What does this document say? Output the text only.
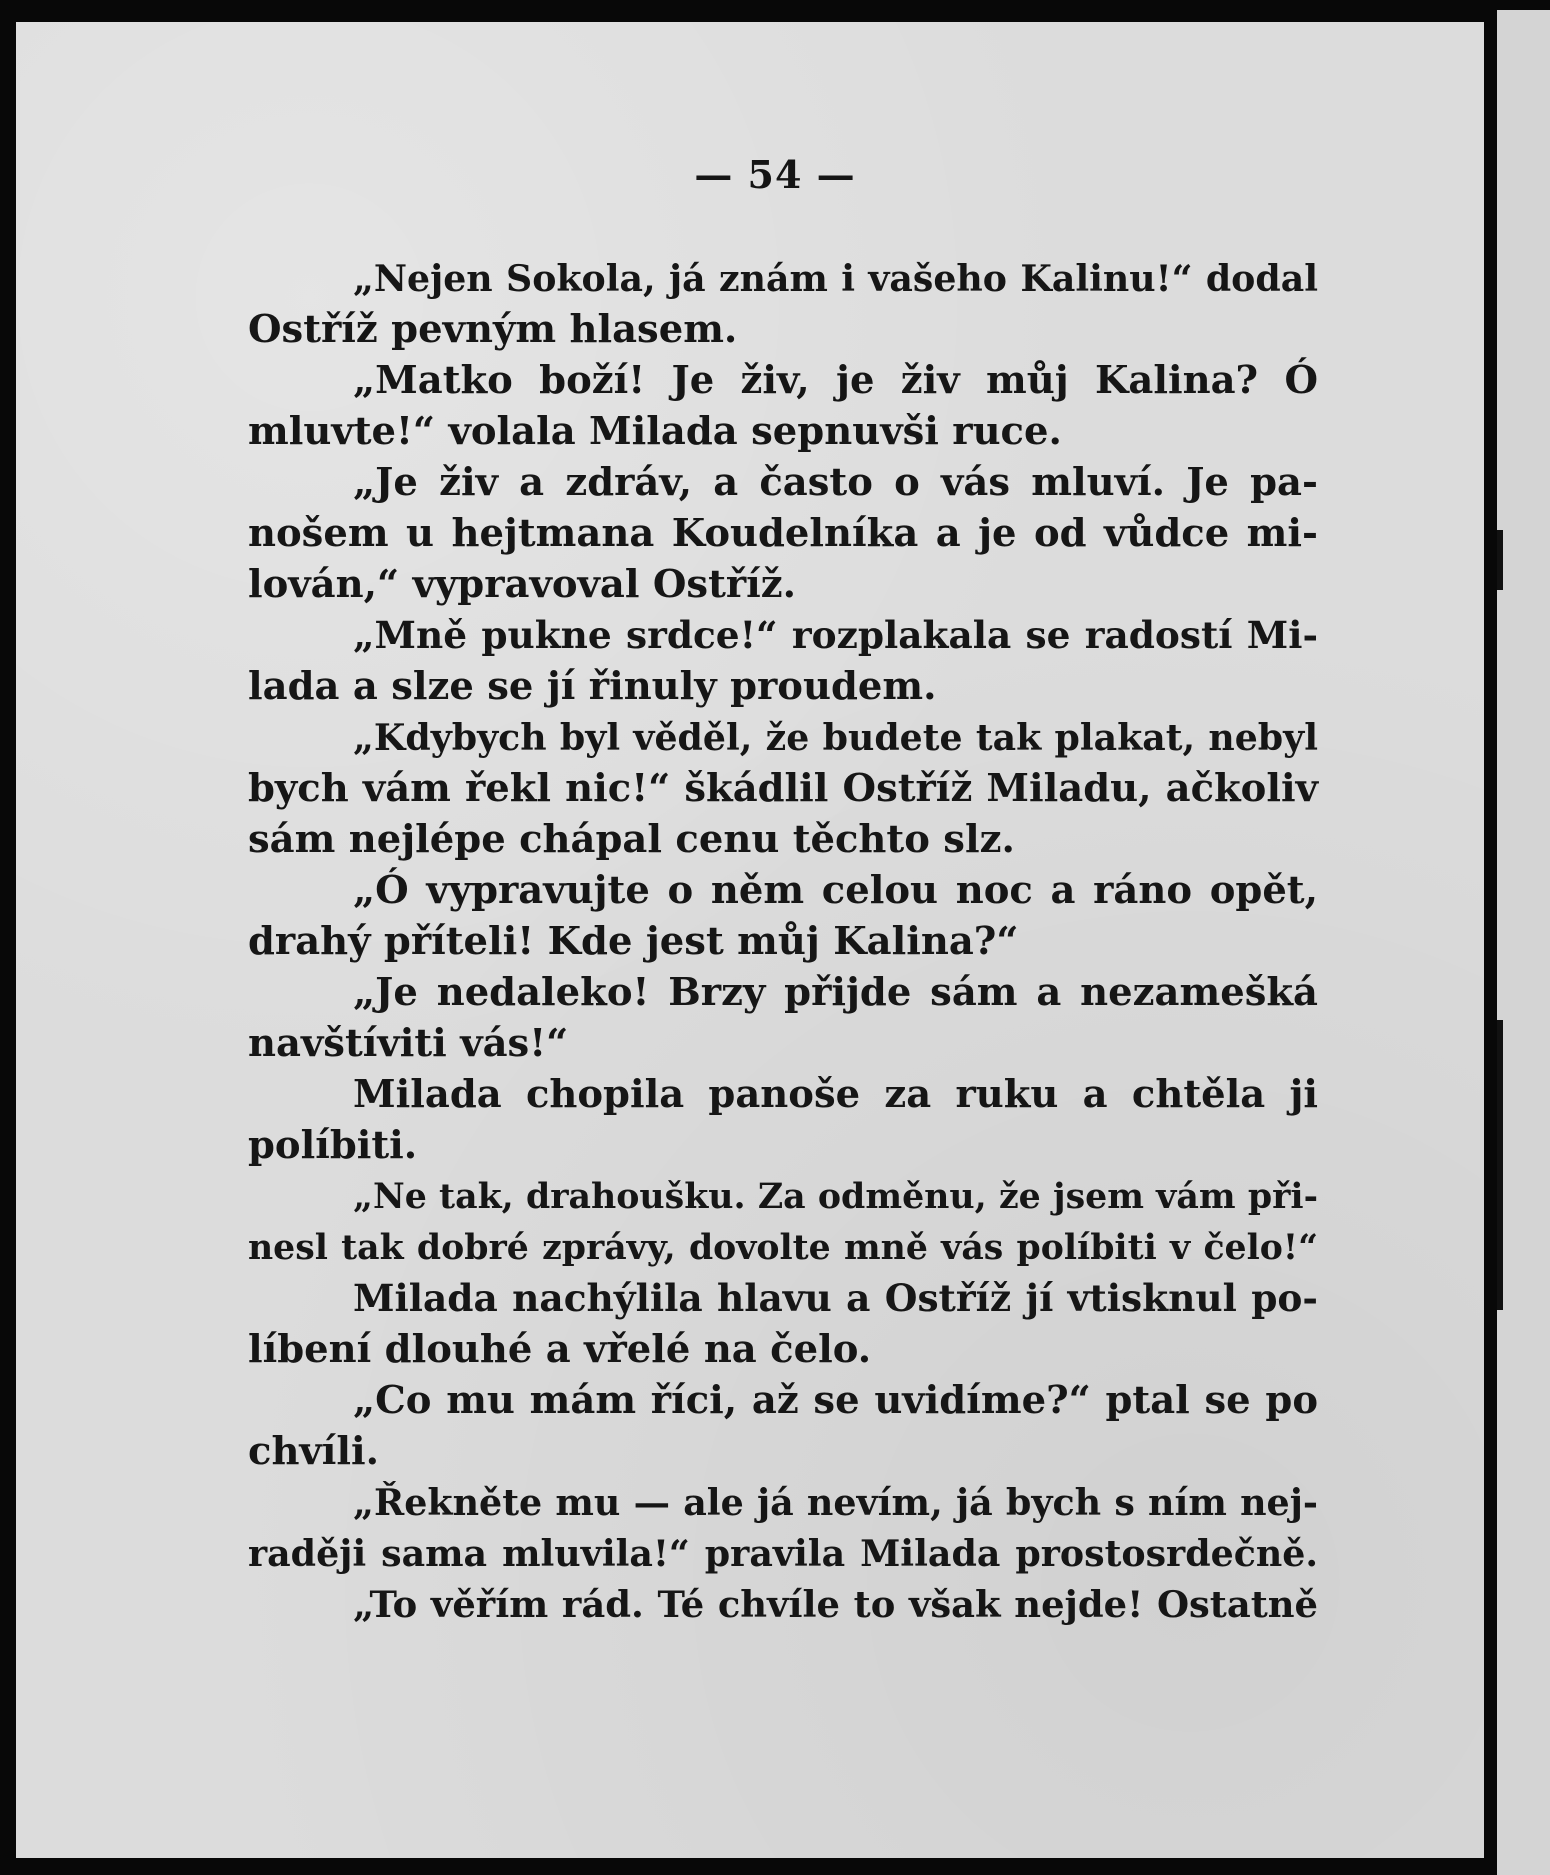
— 54 —
„Nejen Sokola, já znám i vašeho Kalinu!“ dodal
Ostříž pevným hlasem.
„Matko boží! Je živ, je živ můj Kalina? Ó
mluvte!“ volala Milada sepnuvši ruce.
„Je živ a zdráv, a často o vás mluví. Je pa-
nošem u hejtmana Koudelníka a je od vůdce mi-
lován,“ vypravoval Ostříž.
„Mně pukne srdce!“ rozplakala se radostí Mi-
lada a slze se jí řinuly proudem.
„Kdybych byl věděl, že budete tak plakat, nebyl
bych vám řekl nic!“ škádlil Ostříž Miladu, ačkoliv
sám nejlépe chápal cenu těchto slz.
„Ó vypravujte o něm celou noc a ráno opět,
drahý příteli! Kde jest můj Kalina?“
„Je nedaleko! Brzy přijde sám a nezamešká
navštíviti vás!“
Milada chopila panoše za ruku a chtěla ji
políbiti.
„Ne tak, drahoušku. Za odměnu, že jsem vám při-
nesl tak dobré zprávy, dovolte mně vás políbiti v čelo!“
Milada nachýlila hlavu a Ostříž jí vtisknul po-
líbení dlouhé a vřelé na čelo.
„Co mu mám říci, až se uvidíme?“ ptal se po
chvíli.
„Řekněte mu — ale já nevím, já bych s ním nej-
raději sama mluvila!“ pravila Milada prostosrdečně.
„To věřím rád. Té chvíle to však nejde! Ostatně
